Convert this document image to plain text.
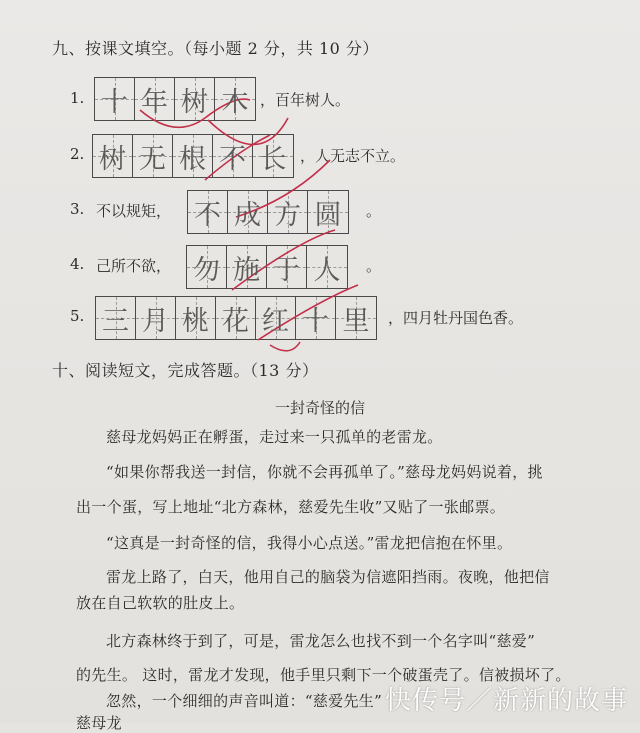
九、按课文填空。（每小题 2 分，共 10 分）
1. 十 年 树 木 ，百年树人。
2. 树 无 根 不 长 ，人无志不立。
3. 不以规矩， 不 成 方 圆 。
4. 己所不欲， 勿 施 于 人 。
5. 三 月 桃 花 红 十 里 ，四月牡丹国色香。
十、阅读短文，完成答题。（13 分）
一封奇怪的信
慈母龙妈妈正在孵蛋，走过来一只孤单的老雷龙。
“如果你帮我送一封信，你就不会再孤单了。”慈母龙妈妈说着，挑
出一个蛋，写上地址“北方森林，慈爱先生收”又贴了一张邮票。
“这真是一封奇怪的信，我得小心点送。”雷龙把信抱在怀里。
雷龙上路了，白天，他用自己的脑袋为信遮阳挡雨。夜晚，他把信
放在自己软软的肚皮上。
北方森林终于到了，可是，雷龙怎么也找不到一个名字叫“慈爱”
的先生。 这时，雷龙才发现，他手里只剩下一个破蛋壳了。信被损坏了。
忽然，一个细细的声音叫道：“慈爱先生”
慈母龙
快传号／新新的故事
